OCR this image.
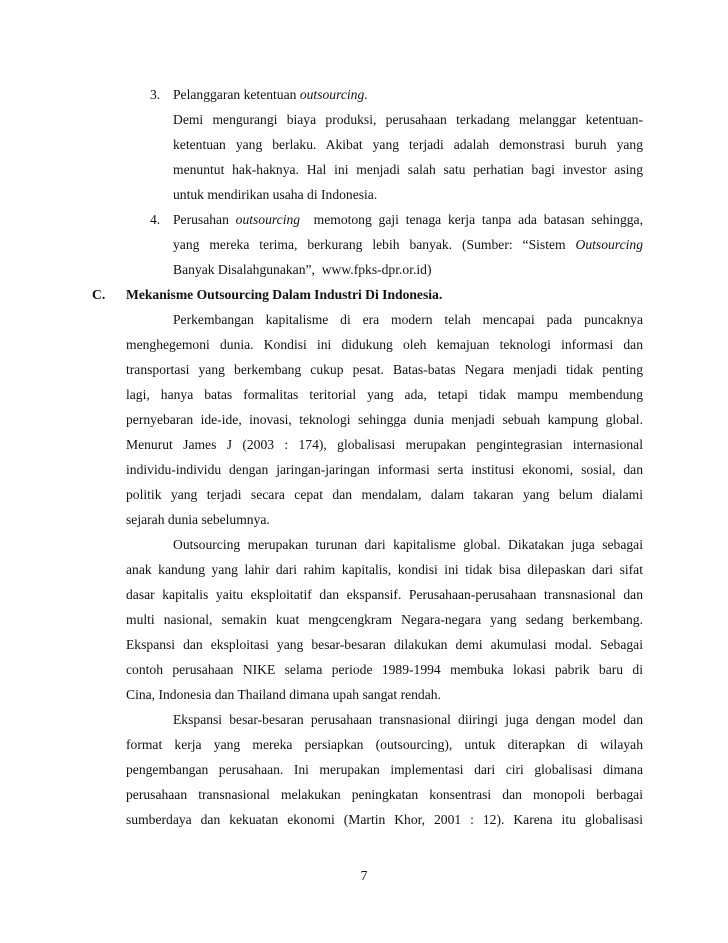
3. Pelanggaran ketentuan outsourcing.
Demi mengurangi biaya produksi, perusahaan terkadang melanggar ketentuan-
ketentuan yang berlaku. Akibat yang terjadi adalah demonstrasi buruh yang
menuntut hak-haknya. Hal ini menjadi salah satu perhatian bagi investor asing
untuk mendirikan usaha di Indonesia.
4. Perusahan outsourcing  memotong gaji tenaga kerja tanpa ada batasan sehingga,
yang mereka terima, berkurang lebih banyak. (Sumber: “Sistem Outsourcing
Banyak Disalahgunakan”,  www.fpks-dpr.or.id)
C. Mekanisme Outsourcing Dalam Industri Di Indonesia.
Perkembangan kapitalisme di era modern telah mencapai pada puncaknya
menghegemoni dunia. Kondisi ini didukung oleh kemajuan teknologi informasi dan
transportasi yang berkembang cukup pesat. Batas-batas Negara menjadi tidak penting
lagi, hanya batas formalitas teritorial yang ada, tetapi tidak mampu membendung
pernyebaran ide-ide, inovasi, teknologi sehingga dunia menjadi sebuah kampung global.
Menurut James J (2003 : 174), globalisasi merupakan pengintegrasian internasional
individu-individu dengan jaringan-jaringan informasi serta institusi ekonomi, sosial, dan
politik yang terjadi secara cepat dan mendalam, dalam takaran yang belum dialami
sejarah dunia sebelumnya.
Outsourcing merupakan turunan dari kapitalisme global. Dikatakan juga sebagai
anak kandung yang lahir dari rahim kapitalis, kondisi ini tidak bisa dilepaskan dari sifat
dasar kapitalis yaitu eksploitatif dan ekspansif. Perusahaan-perusahaan transnasional dan
multi nasional, semakin kuat mengcengkram Negara-negara yang sedang berkembang.
Ekspansi dan eksploitasi yang besar-besaran dilakukan demi akumulasi modal. Sebagai
contoh perusahaan NIKE selama periode 1989-1994 membuka lokasi pabrik baru di
Cina, Indonesia dan Thailand dimana upah sangat rendah.
Ekspansi besar-besaran perusahaan transnasional diiringi juga dengan model dan
format kerja yang mereka persiapkan (outsourcing), untuk diterapkan di wilayah
pengembangan perusahaan. Ini merupakan implementasi dari ciri globalisasi dimana
perusahaan transnasional melakukan peningkatan konsentrasi dan monopoli berbagai
sumberdaya dan kekuatan ekonomi (Martin Khor, 2001 : 12). Karena itu globalisasi
7
